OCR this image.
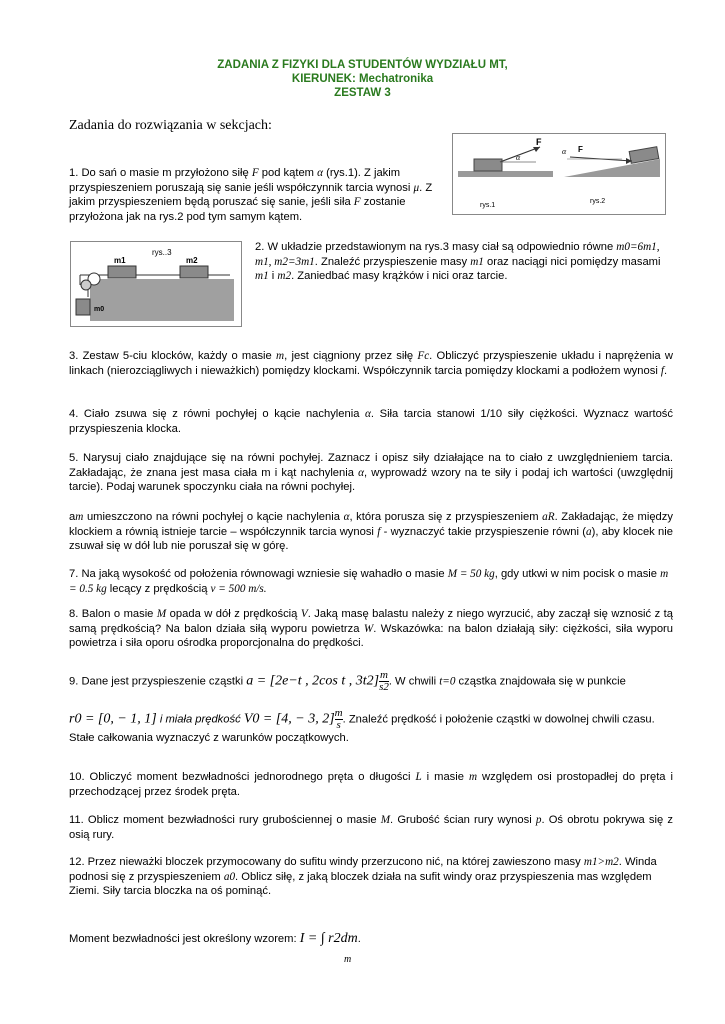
ZADANIA Z FIZYKI DLA STUDENTÓW WYDZIAŁU MT,
KIERUNEK: Mechatronika
ZESTAW 3
Zadania do rozwiązania w sekcjach:
F
α
rys.1
α F
rys.2
1. Do sań o masie m przyłożono siłę F pod kątem α (rys.1). Z jakim przyspieszeniem poruszają się sanie jeśli współczynnik tarcia wynosi μ. Z jakim przyspieszeniem będą poruszać się sanie, jeśli siła F zostanie przyłożona jak na rys.2 pod tym samym kątem.
m1
rys..3
m2
m0
2. W układzie przedstawionym na rys.3 masy ciał są odpowiednio równe m0=6m1, m1, m2=3m1. Znaleźć przyspieszenie masy m1 oraz naciągi nici pomiędzy masami m1 i m2. Zaniedbać masy krążków i nici oraz tarcie.
3. Zestaw 5-ciu klocków, każdy o masie m, jest ciągniony przez siłę Fc. Obliczyć przyspieszenie układu i naprężenia w linkach (nierozciągliwych i nieważkich) pomiędzy klockami. Współczynnik tarcia pomiędzy klockami a podłożem wynosi f.
4. Ciało zsuwa się z równi pochyłej o kącie nachylenia α. Siła tarcia stanowi 1/10 siły ciężkości. Wyznacz wartość przyspieszenia klocka.
5. Narysuj ciało znajdujące się na równi pochyłej. Zaznacz i opisz siły działające na to ciało z uwzględnieniem tarcia. Zakładając, że znana jest masa ciała m i kąt nachylenia α, wyprowadź wzory na te siły i podaj ich wartości (uwzględnij tarcie). Podaj warunek spoczynku ciała na równi pochyłej.
am umieszczono na równi pochyłej o kącie nachylenia α, która porusza się z przyspieszeniem aR. Zakładając, że między klockiem a równią istnieje tarcie – współczynnik tarcia wynosi f - wyznaczyć takie przyspieszenie równi (a), aby klocek nie zsuwał się w dół lub nie poruszał się w górę.
7. Na jaką wysokość od położenia równowagi wzniesie się wahadło o masie M = 50 kg, gdy utkwi w nim pocisk o masie m = 0.5 kg lecący z prędkością v = 500 m/s.
8. Balon o masie M opada w dół z prędkością V. Jaką masę balastu należy z niego wyrzucić, aby zaczął się wznosić z tą samą prędkością? Na balon działa siłą wyporu powietrza W. Wskazówka: na balon działają siły: ciężkości, siła wyporu powietrza i siła oporu ośrodka proporcjonalna do prędkości.
9. Dane jest przyspieszenie cząstki a = [2e−t , 2cos t , $3t2] \frac{m}{s2}$ . W chwili t=0 cząstka znajdowała się w punkcie
r0 = [0, − 1, 1] i miała prędkość V0 = [4, − 3, $2] \frac{m}{s}$ . Znaleźć prędkość i położenie cząstki w dowolnej chwili czasu. Stałe całkowania wyznaczyć z warunków początkowych.
10. Obliczyć moment bezwładności jednorodnego pręta o długości L i masie m względem osi prostopadłej do pręta i przechodzącej przez środek pręta.
11. Oblicz moment bezwładności rury grubościennej o masie M. Grubość ścian rury wynosi p. Oś obrotu pokrywa się z osią rury.
12. Przez nieważki bloczek przymocowany do sufitu windy przerzucono nić, na której zawieszono masy m1>m2. Winda podnosi się z przyspieszeniem a0. Oblicz siłę, z jaką bloczek działa na sufit windy oraz przyspieszenia mas względem Ziemi. Siły tarcia bloczka na oś pominąć.
Moment bezwładności jest określony wzorem: I = ∫ r2dm.
m
